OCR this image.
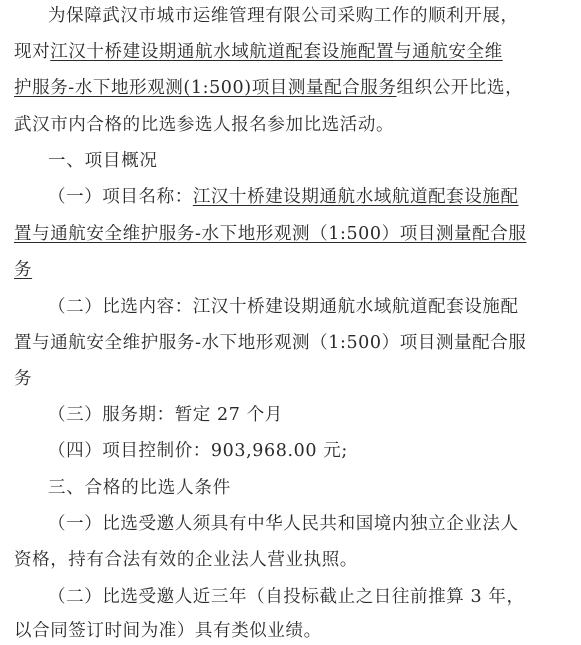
为保障武汉市城市运维管理有限公司采购工作的顺利开展，
现对江汉十桥建设期通航水域航道配套设施配置与通航安全维
护服务-水下地形观测(1:500)项目测量配合服务组织公开比选，
武汉市内合格的比选参选人报名参加比选活动。
一、项目概况
（一）项目名称：江汉十桥建设期通航水域航道配套设施配
置与通航安全维护服务-水下地形观测（1:500）项目测量配合服
务
（二）比选内容：江汉十桥建设期通航水域航道配套设施配
置与通航安全维护服务-水下地形观测（1:500）项目测量配合服
务
（三）服务期：暂定 27 个月
（四）项目控制价：903,968.00 元;
三、合格的比选人条件
（一）比选受邀人须具有中华人民共和国境内独立企业法人
资格，持有合法有效的企业法人营业执照。
（二）比选受邀人近三年（自投标截止之日往前推算 3 年，
以合同签订时间为准）具有类似业绩。
